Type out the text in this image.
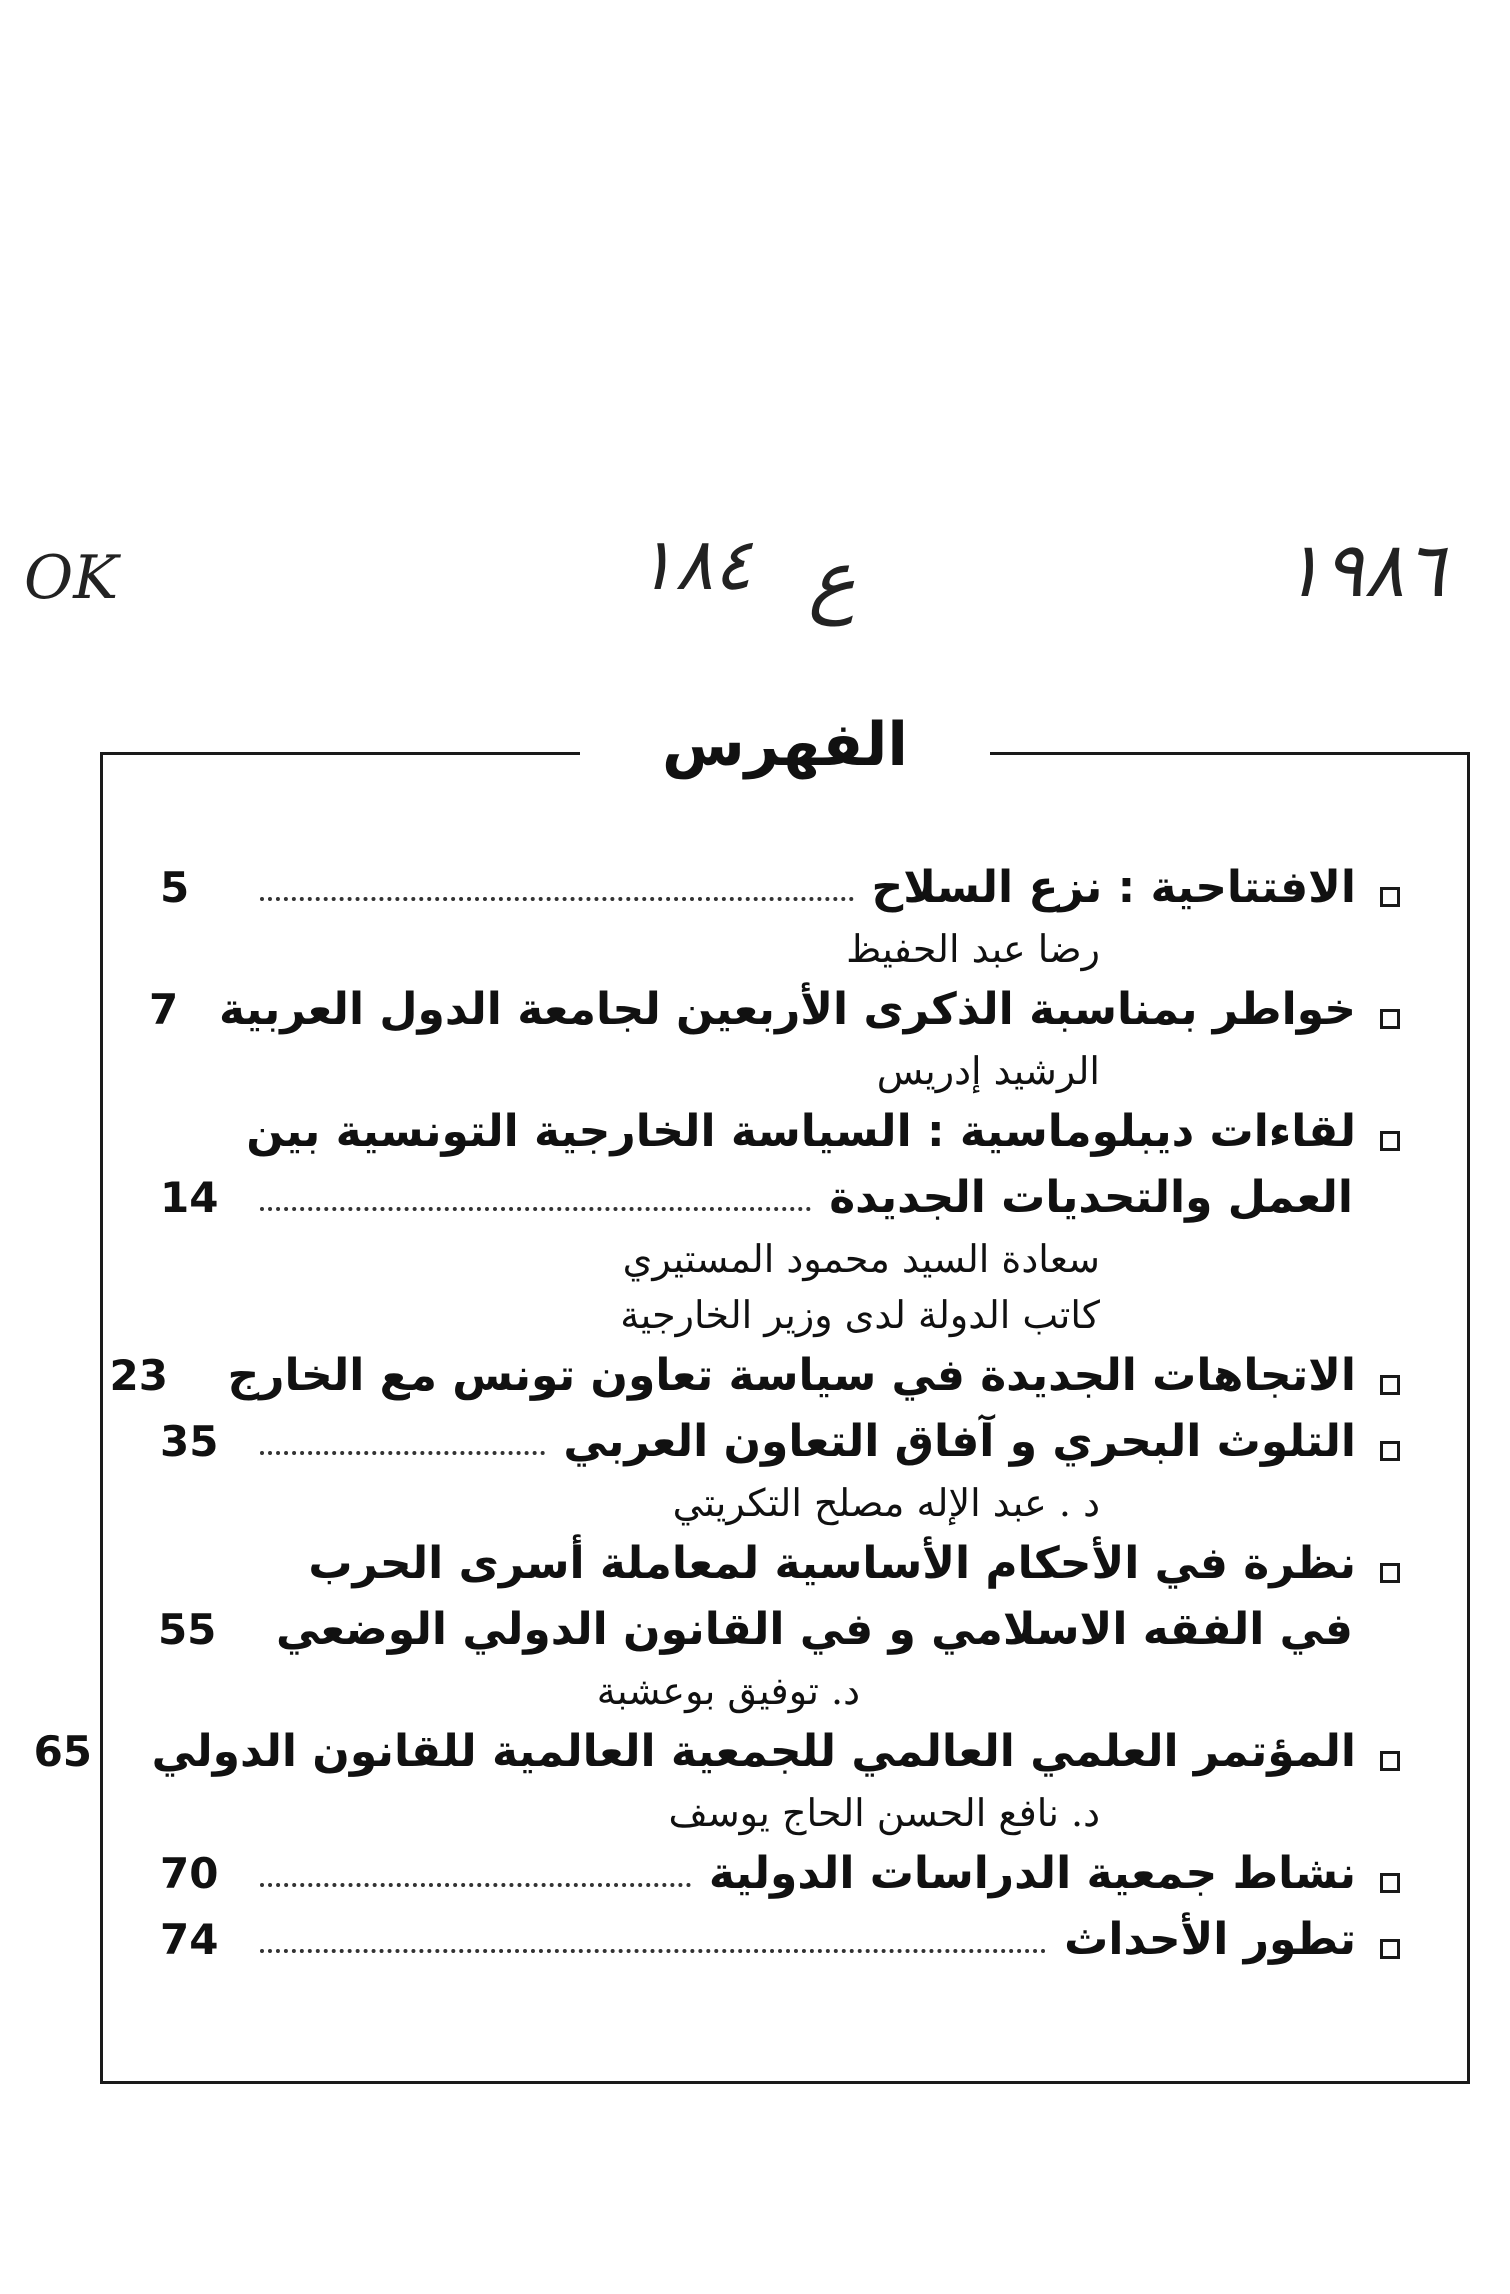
OK	١٨٤ ع	١٩٨٦
الفهرس
الافتتاحية : نزع السلاح
5
رضا عبد الحفيظ
خواطر بمناسبة الذكرى الأربعين لجامعة الدول العربية
7
الرشيد إدريس
لقاءات ديبلوماسية : السياسة الخارجية التونسية بين
العمل والتحديات الجديدة
14
سعادة السيد محمود المستيري
كاتب الدولة لدى وزير الخارجية
الاتجاهات الجديدة في سياسة تعاون تونس مع الخارج
23
التلوث البحري و آفاق التعاون العربي
35
د . عبد الإله مصلح التكريتي
نظرة في الأحكام الأساسية لمعاملة أسرى الحرب
في الفقه الاسلامي و في القانون الدولي الوضعي
55
د. توفيق بوعشبة
المؤتمر العلمي العالمي للجمعية العالمية للقانون الدولي
65
د. نافع الحسن الحاج يوسف
نشاط جمعية الدراسات الدولية
70
تطور الأحداث
74
